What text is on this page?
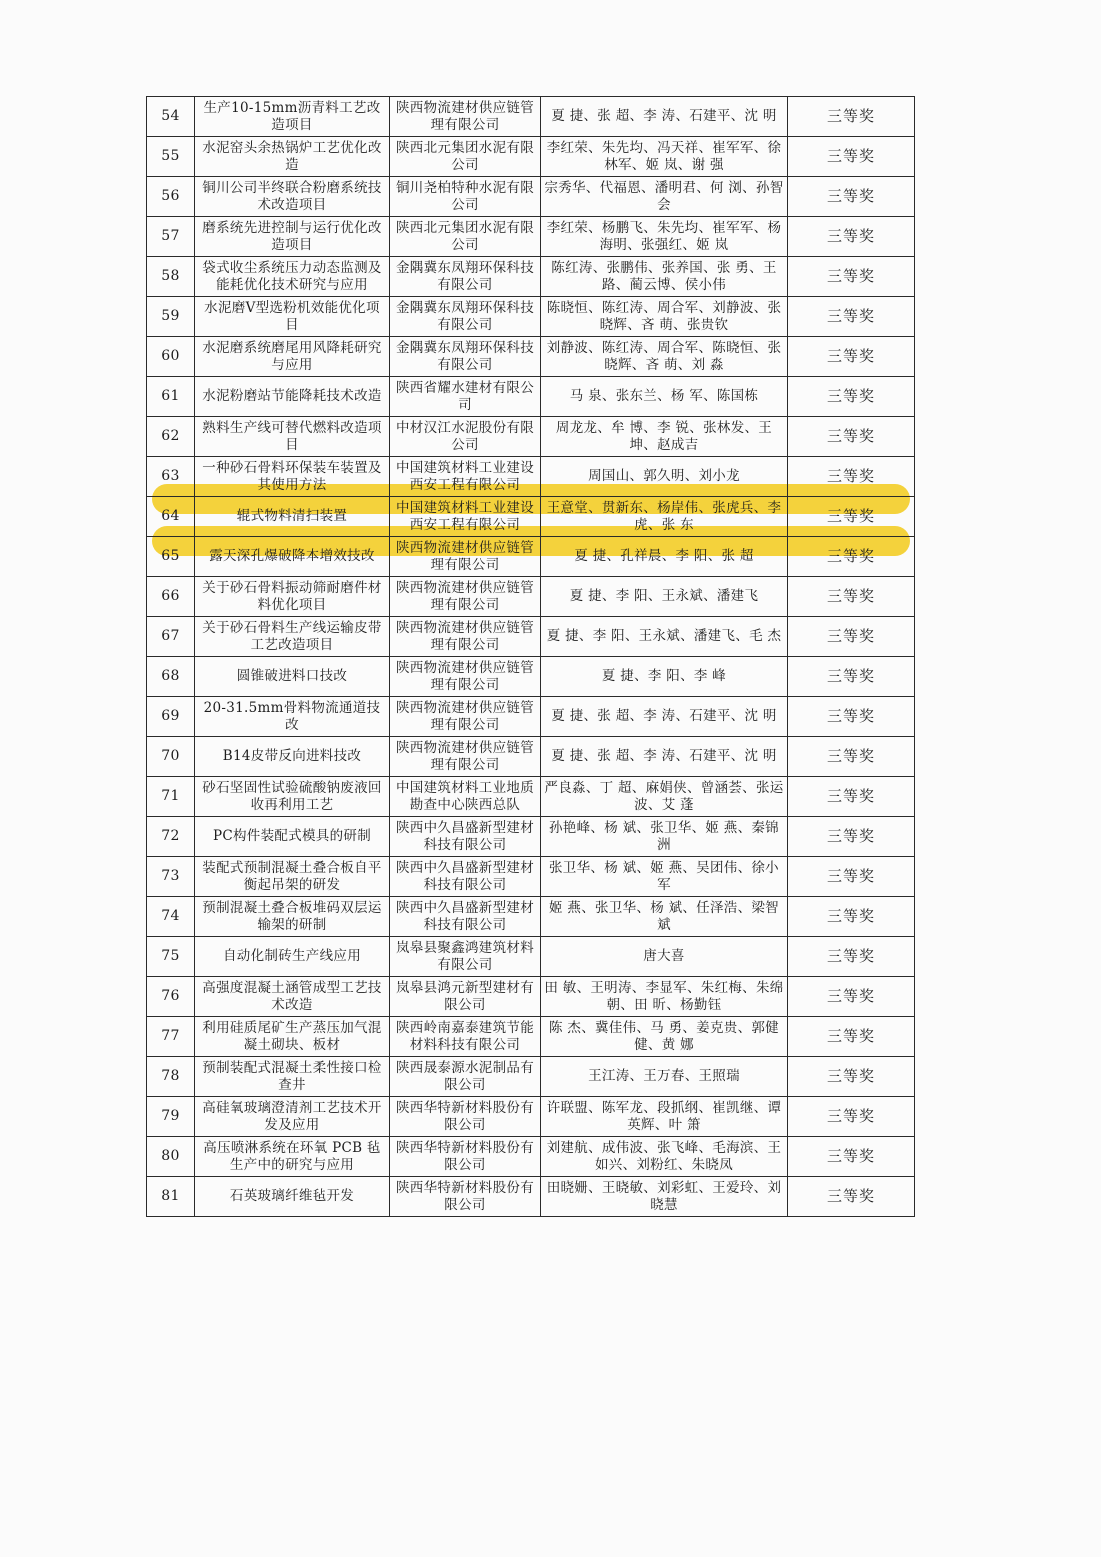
54	生产10-15mm沥青料工艺改造项目	陕西物流建材供应链管理有限公司	夏 捷、张 超、李 涛、石建平、沈 明	三等奖
55	水泥窑头余热锅炉工艺优化改造	陕西北元集团水泥有限公司	李红荣、朱先均、冯天祥、崔军军、徐林军、姬 岚、谢 强	三等奖
56	铜川公司半终联合粉磨系统技术改造项目	铜川尧柏特种水泥有限公司	宗秀华、代福恩、潘明君、何 浏、孙智会	三等奖
57	磨系统先进控制与运行优化改造项目	陕西北元集团水泥有限公司	李红荣、杨鹏飞、朱先均、崔军军、杨海明、张强红、姬 岚	三等奖
58	袋式收尘系统压力动态监测及能耗优化技术研究与应用	金隅冀东凤翔环保科技有限公司	陈红涛、张鹏伟、张养国、张 勇、王 路、蔺云博、侯小伟	三等奖
59	水泥磨V型选粉机效能优化项目	金隅冀东凤翔环保科技有限公司	陈晓恒、陈红涛、周合军、刘静波、张晓辉、吝 萌、张贵钦	三等奖
60	水泥磨系统磨尾用风降耗研究与应用	金隅冀东凤翔环保科技有限公司	刘静波、陈红涛、周合军、陈晓恒、张晓辉、吝 萌、刘 淼	三等奖
61	水泥粉磨站节能降耗技术改造	陕西省耀水建材有限公司	马 泉、张东兰、杨 军、陈国栋	三等奖
62	熟料生产线可替代燃料改造项目	中材汉江水泥股份有限公司	周龙龙、牟 博、李 锐、张林发、王 坤、赵成吉	三等奖
63	一种砂石骨料环保装车装置及其使用方法	中国建筑材料工业建设西安工程有限公司	周国山、郭久明、刘小龙	三等奖
64	辊式物料清扫装置	中国建筑材料工业建设西安工程有限公司	王意堂、贯新东、杨岸伟、张虎兵、李 虎、张 东	三等奖
65	露天深孔爆破降本增效技改	陕西物流建材供应链管理有限公司	夏 捷、孔祥晨、李 阳、张 超	三等奖
66	关于砂石骨料振动筛耐磨件材料优化项目	陕西物流建材供应链管理有限公司	夏 捷、李 阳、王永斌、潘建飞	三等奖
67	关于砂石骨料生产线运输皮带工艺改造项目	陕西物流建材供应链管理有限公司	夏 捷、李 阳、王永斌、潘建飞、毛 杰	三等奖
68	圆锥破进料口技改	陕西物流建材供应链管理有限公司	夏 捷、李 阳、李 峰	三等奖
69	20-31.5mm骨料物流通道技改	陕西物流建材供应链管理有限公司	夏 捷、张 超、李 涛、石建平、沈 明	三等奖
70	B14皮带反向进料技改	陕西物流建材供应链管理有限公司	夏 捷、张 超、李 涛、石建平、沈 明	三等奖
71	砂石坚固性试验硫酸钠废液回收再利用工艺	中国建筑材料工业地质勘查中心陕西总队	严良淼、丁 超、麻娟侠、曾涵荟、张运波、艾 蓬	三等奖
72	PC构件装配式模具的研制	陕西中久昌盛新型建材科技有限公司	孙艳峰、杨 斌、张卫华、姬 燕、秦锦洲	三等奖
73	装配式预制混凝土叠合板自平衡起吊架的研发	陕西中久昌盛新型建材科技有限公司	张卫华、杨 斌、姬 燕、吴团伟、徐小军	三等奖
74	预制混凝土叠合板堆码双层运输架的研制	陕西中久昌盛新型建材科技有限公司	姬 燕、张卫华、杨 斌、任泽浩、梁智斌	三等奖
75	自动化制砖生产线应用	岚皋县聚鑫鸿建筑材料有限公司	唐大喜	三等奖
76	高强度混凝土涵管成型工艺技术改造	岚皋县鸿元新型建材有限公司	田 敏、王明涛、李显军、朱红梅、朱绵朝、田 昕、杨勤钰	三等奖
77	利用硅质尾矿生产蒸压加气混凝土砌块、板材	陕西岭南嘉泰建筑节能材料科技有限公司	陈 杰、冀佳伟、马 勇、姜克贵、郭健健、黄 娜	三等奖
78	预制装配式混凝土柔性接口检查井	陕西晟泰源水泥制品有限公司	王江涛、王万春、王照瑞	三等奖
79	高硅氧玻璃澄清剂工艺技术开发及应用	陕西华特新材料股份有限公司	许联盟、陈军龙、段抓纲、崔凯继、谭英辉、叶 箫	三等奖
80	高压喷淋系统在环氧 PCB 毡生产中的研究与应用	陕西华特新材料股份有限公司	刘建航、成伟波、张飞峰、毛海滨、王如兴、刘粉红、朱晓凤	三等奖
81	石英玻璃纤维毡开发	陕西华特新材料股份有限公司	田晓姗、王晓敏、刘彩虹、王爱玲、刘晓慧	三等奖
